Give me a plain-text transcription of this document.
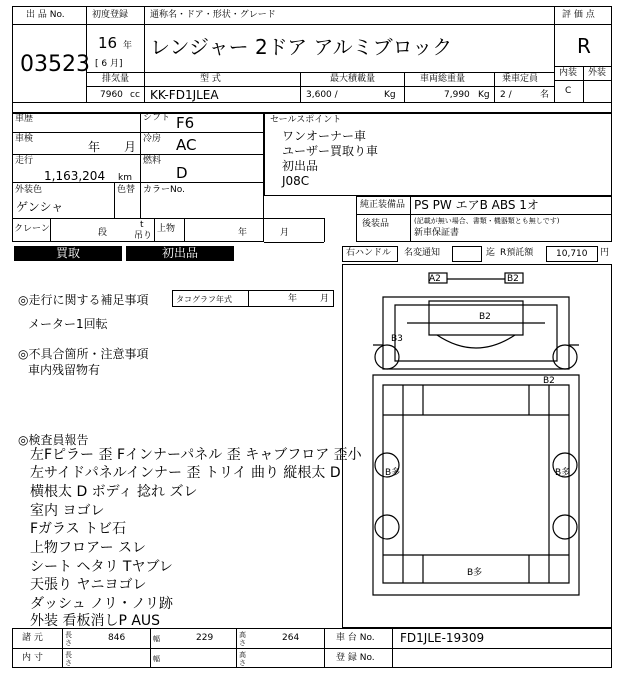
出 品 No.
03523
初度登録 通称名・ドア・形状・グレード
16 年
[ 6 月]
レンジャー 2ドア アルミブロック
評 価 点
R
内装 外装
C
排気量	型 式	最大積載量	車両総重量	乗車定員
7960 cc KK-FD1JLEA	3,600 /	Kg	7,990 Kg 2 /	名
車歴	シフト F6
車検
年 月
冷房 AC
走行
1,163,204 km
燃料
D
外装色
ゲンシャ
色替 カラーNo.
クレーン	段
t
吊り
上物	年	月
セールスポイント
ワンオーナー車
ユーザー買取り車
初出品
J08C
純正装備品 PS PW エアB ABS 1オ
後装品	(記載が無い場合、書類・機器類とも無しです)
新車保証書
買取	初出品	右ハンドル 名変通知	迄 R預託額	10,710 円
◎走行に関する補足事項	タコグラフ年式	年	月
メーター1回転
◎不具合箇所・注意事項
車内残留物有
◎検査員報告
左Fピラー 歪 Fインナーパネル 歪 キャブフロア 歪小
左サイドパネルインナー 歪 トリイ 曲り 縦根太 D
横根太 D ボディ 捻れ ズレ
室内 ヨゴレ
Fガラス トビ石
上物フロアー スレ
シート ヘタリ Tヤブレ
天張り ヤニヨゴレ
ダッシュ ノリ・ノリ跡
外装 看板消しP AUS
A2	B2
B2
B3
B2
B多	B多
B多
諸 元	長さ	846	幅	229	高さ	264	車 台 No. FD1JLE-19309
内 寸	長さ	幅	高さ	登 録 No.
